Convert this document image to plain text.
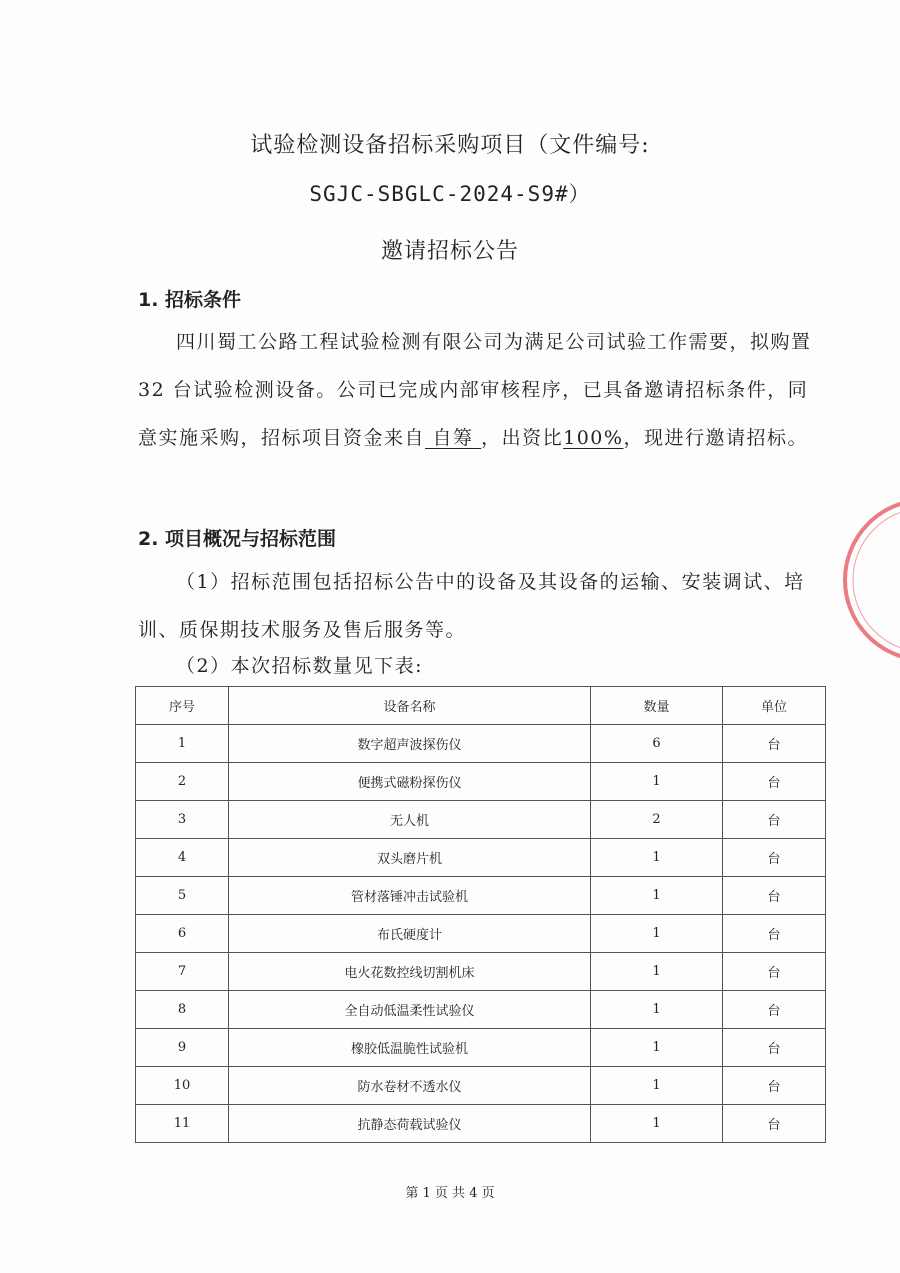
试验检测设备招标采购项目（文件编号:
SGJC-SBGLC-2024-S9#）
邀请招标公告
1. 招标条件
四川蜀工公路工程试验检测有限公司为满足公司试验工作需要，拟购置 32 台试验检测设备。公司已完成内部审核程序，已具备邀请招标条件，同意实施采购，招标项目资金来自 自筹 ，出资比100%，现进行邀请招标。
2. 项目概况与招标范围
（1）招标范围包括招标公告中的设备及其设备的运输、安装调试、培训、质保期技术服务及售后服务等。
（2）本次招标数量见下表:
序号	设备名称	数量	单位
1	数字超声波探伤仪	6	台
2	便携式磁粉探伤仪	1	台
3	无人机	2	台
4	双头磨片机	1	台
5	管材落锤冲击试验机	1	台
6	布氏硬度计	1	台
7	电火花数控线切割机床	1	台
8	全自动低温柔性试验仪	1	台
9	橡胶低温脆性试验机	1	台
10	防水卷材不透水仪	1	台
11	抗静态荷载试验仪	1	台
第 1 页 共 4 页
